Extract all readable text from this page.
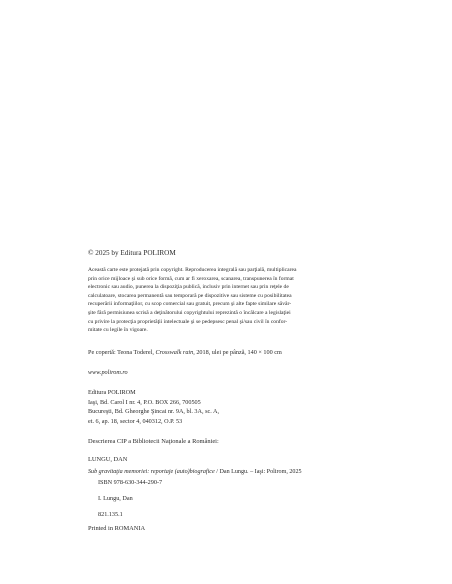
© 2025 by Editura POLIROM
Această carte este protejată prin copyright. Reproducerea integrală sau parţială, multiplicarea
prin orice mijloace şi sub orice formă, cum ar fi xeroxarea, scanarea, transpunerea în format
electronic sau audio, punerea la dispoziţia publică, inclusiv prin internet sau prin reţele de
calculatoare, stocarea permanentă sau temporară pe dispozitive sau sisteme cu posibilitatea
recuperării informaţiilor, cu scop comercial sau gratuit, precum şi alte fapte similare săvâr-
şite fără permisiunea scrisă a deţinătorului copyrightului reprezintă o încălcare a legislaţiei
cu privire la protecţia proprietăţii intelectuale şi se pedepsesc penal şi/sau civil în confor-
mitate cu legile în vigoare.
Pe copertă: Teona Toderel, Crosswalk rain, 2018, ulei pe pânză, 140 × 100 cm
www.polirom.ro
Editura POLIROM
Iaşi, Bd. Carol I nr. 4, P.O. BOX 266, 700505
Bucureşti, Bd. Gheorghe Şincai nr. 9A, bl. 3A, sc. A,
et. 6, ap. 18, sector 4, 040312, O.P. 53
Descrierea CIP a Bibliotecii Naţionale a României:
LUNGU, DAN
Sub gravitaţia memoriei: reportaje (auto)biografice / Dan Lungu. – Iaşi: Polirom, 2025
ISBN 978-630-344-290-7
I. Lungu, Dan
821.135.1
Printed in ROMANIA
